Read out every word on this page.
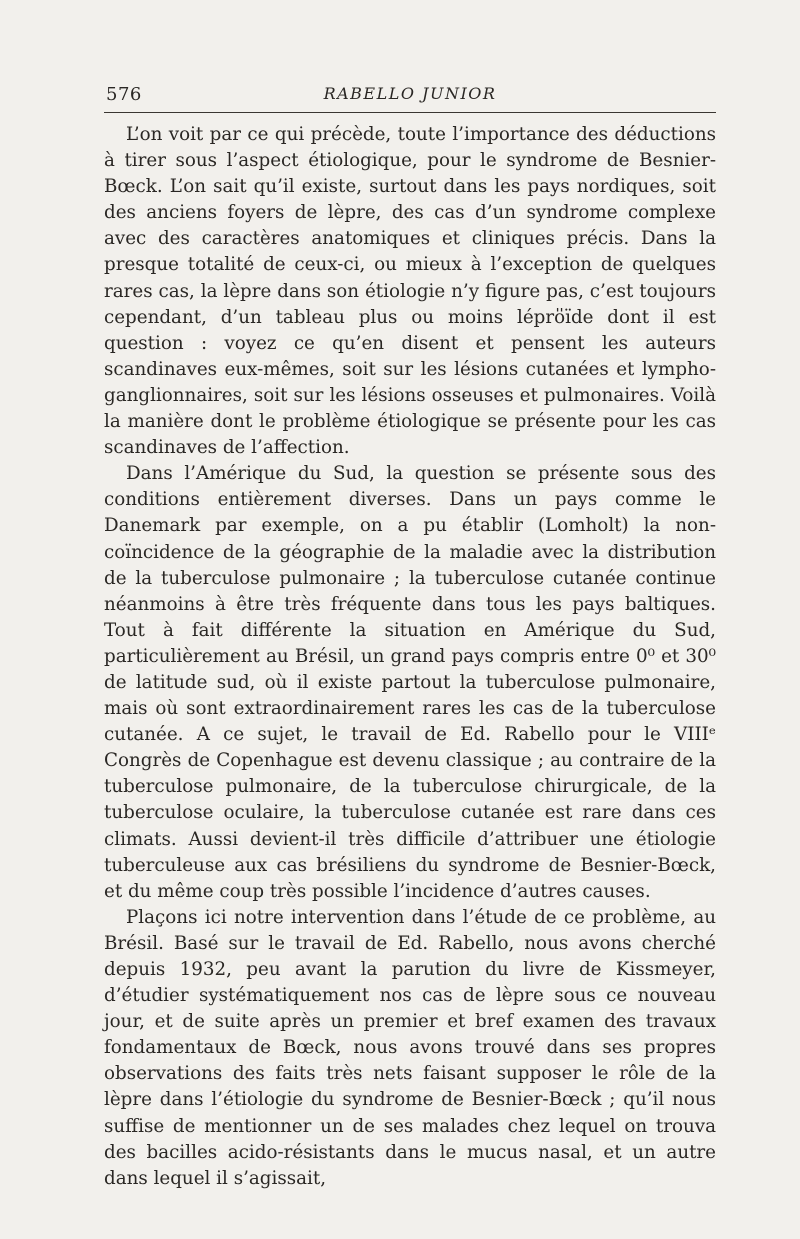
576	RABELLO JUNIOR

L’on voit par ce qui précède, toute l’importance des déductions à tirer sous l’aspect étiologique, pour le syndrome de Besnier-Bœck. L’on sait qu’il existe, surtout dans les pays nordiques, soit des anciens foyers de lèpre, des cas d’un syndrome complexe avec des caractères anatomiques et cliniques précis. Dans la presque totalité de ceux-ci, ou mieux à l’exception de quelques rares cas, la lèpre dans son étiologie n’y figure pas, c’est toujours cependant, d’un tableau plus ou moins lépro̎ïde dont il est question : voyez ce qu’en disent et pensent les auteurs scandinaves eux-mêmes, soit sur les lésions cutanées et lympho-ganglionnaires, soit sur les lésions osseuses et pulmonaires. Voilà la manière dont le problème étiologique se présente pour les cas scandinaves de l’affection.

Dans l’Amérique du Sud, la question se présente sous des conditions entièrement diverses. Dans un pays comme le Danemark par exemple, on a pu établir (Lomholt) la non-coïncidence de la géographie de la maladie avec la distribution de la tuberculose pulmonaire ; la tuberculose cutanée continue néanmoins à être très fréquente dans tous les pays baltiques. Tout à fait différente la situation en Amérique du Sud, particulièrement au Brésil, un grand pays compris entre 0⁰ et 30⁰ de latitude sud, où il existe partout la tuberculose pulmonaire, mais où sont extraordinairement rares les cas de la tuberculose cutanée. A ce sujet, le travail de Ed. Rabello pour le VIIIᵉ Congrès de Copenhague est devenu classique ; au contraire de la tuberculose pulmonaire, de la tuberculose chirurgicale, de la tuberculose oculaire, la tuberculose cutanée est rare dans ces climats. Aussi devient-il très difficile d’attribuer une étiologie tuberculeuse aux cas brésiliens du syndrome de Besnier-Bœck, et du même coup très possible l’incidence d’autres causes.

Plaçons ici notre intervention dans l’étude de ce problème, au Brésil. Basé sur le travail de Ed. Rabello, nous avons cherché depuis 1932, peu avant la parution du livre de Kissmeyer, d’étudier systématiquement nos cas de lèpre sous ce nouveau jour, et de suite après un premier et bref examen des travaux fondamentaux de Bœck, nous avons trouvé dans ses propres observations des faits très nets faisant supposer le rôle de la lèpre dans l’étiologie du syndrome de Besnier-Bœck ; qu’il nous suffise de mentionner un de ses malades chez lequel on trouva des bacilles acido-résistants dans le mucus nasal, et un autre dans lequel il s’agissait,
